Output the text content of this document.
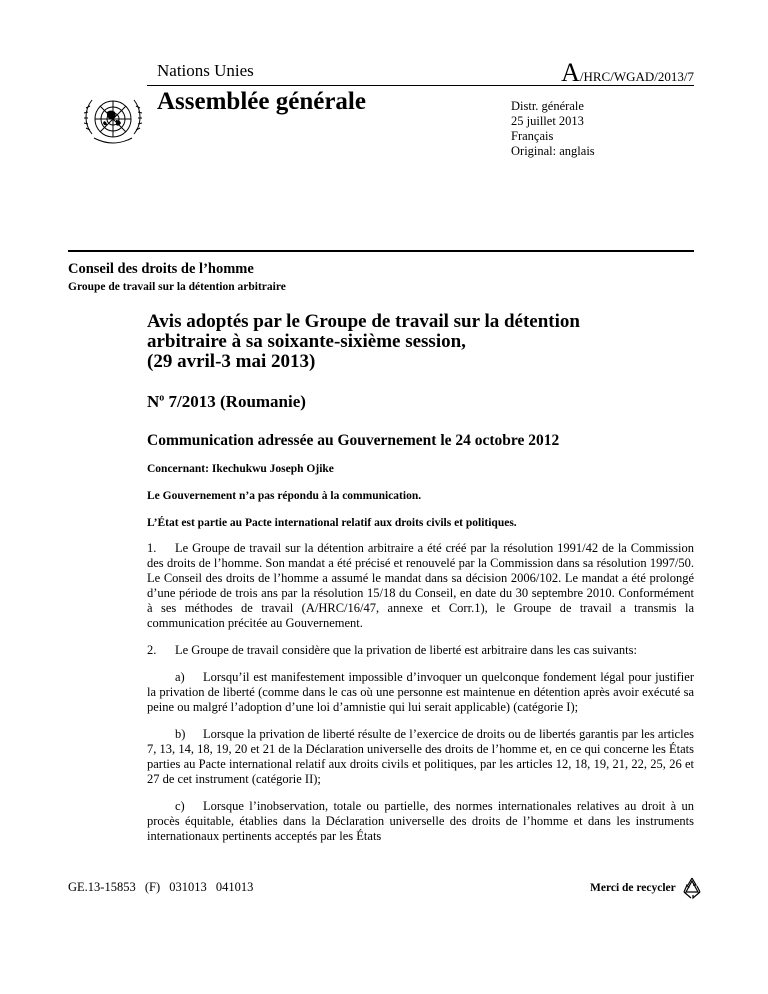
Nations Unies	A/HRC/WGAD/2013/7
Assemblée générale	Distr. générale
25 juillet 2013
Français
Original: anglais
Conseil des droits de l’homme
Groupe de travail sur la détention arbitraire
Avis adoptés par le Groupe de travail sur la détention
arbitraire à sa soixante-sixième session,
(29 avril-3 mai 2013)
$N^o$ 7/2013 (Roumanie)
Communication adressée au Gouvernement le 24 octobre 2012
Concernant: Ikechukwu Joseph Ojike
Le Gouvernement n’a pas répondu à la communication.
L’État est partie au Pacte international relatif aux droits civils et politiques.
1. Le Groupe de travail sur la détention arbitraire a été créé par la résolution 1991/42 de la Commission des droits de l’homme. Son mandat a été précisé et renouvelé par la Commission dans sa résolution 1997/50. Le Conseil des droits de l’homme a assumé le mandat dans sa décision 2006/102. Le mandat a été prolongé d’une période de trois ans par la résolution 15/18 du Conseil, en date du 30 septembre 2010. Conformément à ses méthodes de travail (A/HRC/16/47, annexe et Corr.1), le Groupe de travail a transmis la communication précitée au Gouvernement.
2. Le Groupe de travail considère que la privation de liberté est arbitraire dans les cas suivants:
a) Lorsqu’il est manifestement impossible d’invoquer un quelconque fondement légal pour justifier la privation de liberté (comme dans le cas où une personne est maintenue en détention après avoir exécuté sa peine ou malgré l’adoption d’une loi d’amnistie qui lui serait applicable) (catégorie I);
b) Lorsque la privation de liberté résulte de l’exercice de droits ou de libertés garantis par les articles 7, 13, 14, 18, 19, 20 et 21 de la Déclaration universelle des droits de l’homme et, en ce qui concerne les États parties au Pacte international relatif aux droits civils et politiques, par les articles 12, 18, 19, 21, 22, 25, 26 et 27 de cet instrument (catégorie II);
c) Lorsque l’inobservation, totale ou partielle, des normes internationales relatives au droit à un procès équitable, établies dans la Déclaration universelle des droits de l’homme et dans les instruments internationaux pertinents acceptés par les États
GE.13-15853 (F) 031013 041013	Merci de recycler
